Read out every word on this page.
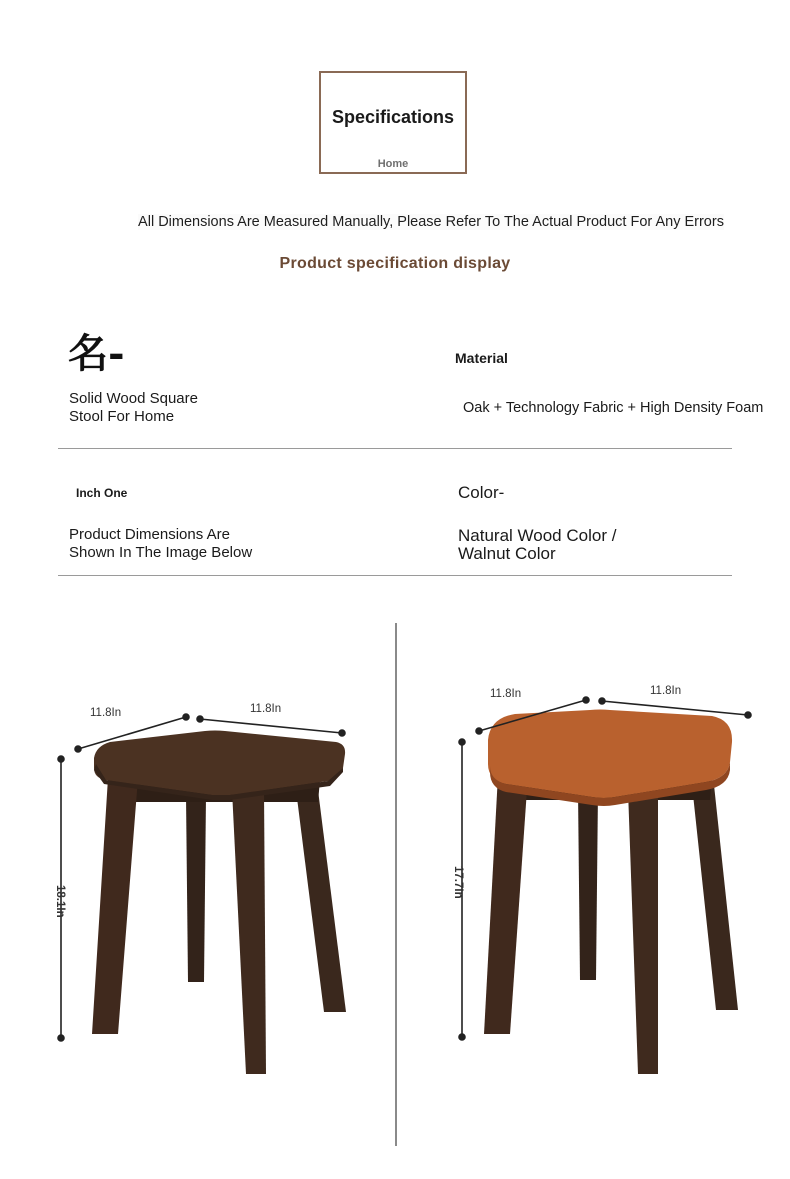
Specifications
Home
All Dimensions Are Measured Manually, Please Refer To The Actual Product For Any Errors
Product specification display
名-
Solid Wood Square
Stool For Home
Material
Oak + Technology Fabric + High Density Foam
Inch One
Product Dimensions Are
Shown In The Image Below
Color-
Natural Wood Color /
Walnut Color
11.8In	11.8In
18.1In
11.8In	11.8In
17.7In
